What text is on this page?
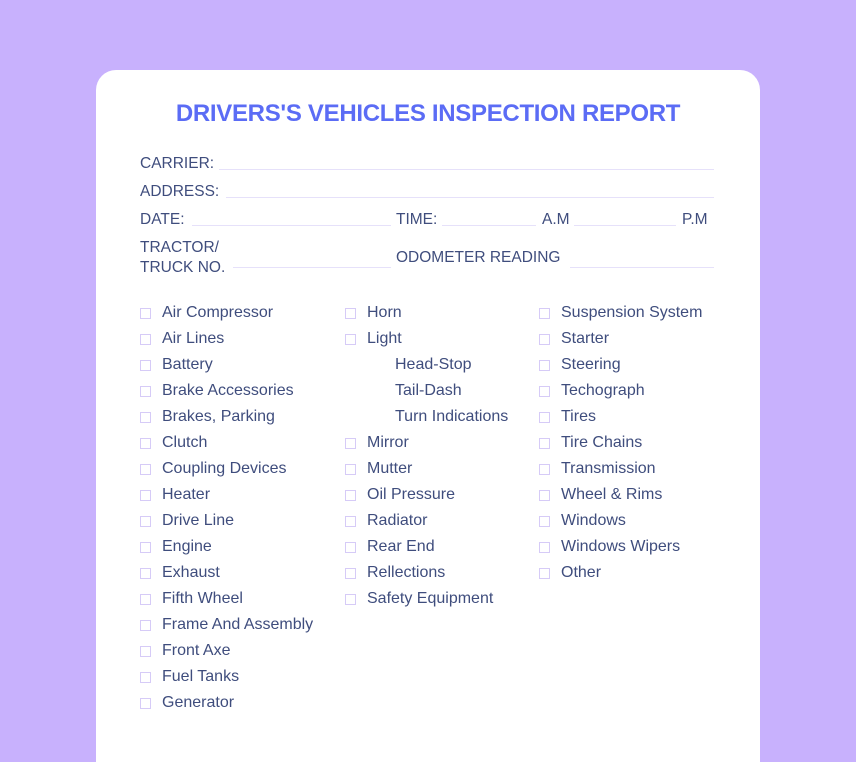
DRIVERS'S VEHICLES INSPECTION REPORT
CARRIER:
ADDRESS:
DATE:	TIME:	A.M	P.M
TRACTOR/
TRUCK NO.
ODOMETER READING
Air Compressor
Air Lines
Battery
Brake Accessories
Brakes, Parking
Clutch
Coupling Devices
Heater
Drive Line
Engine
Exhaust
Fifth Wheel
Frame And Assembly
Front Axe
Fuel Tanks
Generator
Horn
Light
Head-Stop
Tail-Dash
Turn Indications
Mirror
Mutter
Oil Pressure
Radiator
Rear End
Rellections
Safety Equipment
Suspension System
Starter
Steering
Techograph
Tires
Tire Chains
Transmission
Wheel & Rims
Windows
Windows Wipers
Other
